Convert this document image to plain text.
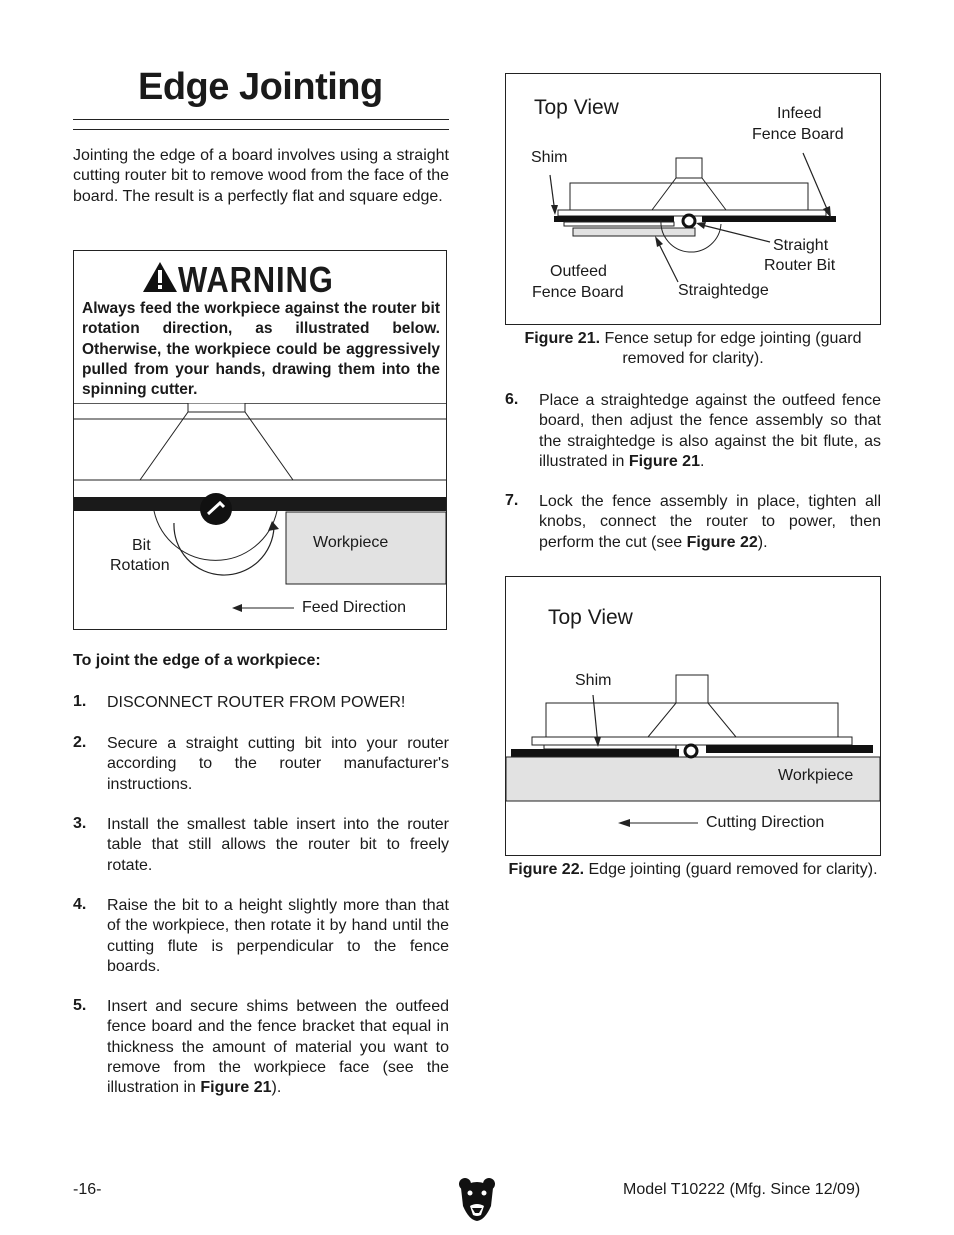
Edge Jointing
Jointing the edge of a board involves using a straight cutting router bit to remove wood from the face of the board. The result is a perfectly flat and square edge.
WARNING
Always feed the workpiece against the router bit rotation direction, as illustrated below. Otherwise, the workpiece could be aggressively pulled from your hands, drawing them into the spinning cutter.
Bit
Rotation
Workpiece
Feed Direction
To joint the edge of a workpiece:
1. DISCONNECT ROUTER FROM POWER!
2. Secure a straight cutting bit into your router according to the router manufacturer's instructions.
3. Install the smallest table insert into the router table that still allows the router bit to freely rotate.
4. Raise the bit to a height slightly more than that of the workpiece, then rotate it by hand until the cutting flute is perpendicular to the fence boards.
5. Insert and secure shims between the outfeed fence board and the fence bracket that equal in thickness the amount of material you want to remove from the workpiece face (see the illustration in Figure 21).
Top View	Infeed
Fence Board
Shim
Straight
Router Bit
Outfeed
Fence Board	Straightedge
Figure 21. Fence setup for edge jointing (guard removed for clarity).
6. Place a straightedge against the outfeed fence board, then adjust the fence assembly so that the straightedge is also against the bit flute, as illustrated in Figure 21.
7. Lock the fence assembly in place, tighten all knobs, connect the router to power, then perform the cut (see Figure 22).
Top View
Shim
Workpiece
Cutting Direction
Figure 22. Edge jointing (guard removed for clarity).
-16-	Model T10222 (Mfg. Since 12/09)
